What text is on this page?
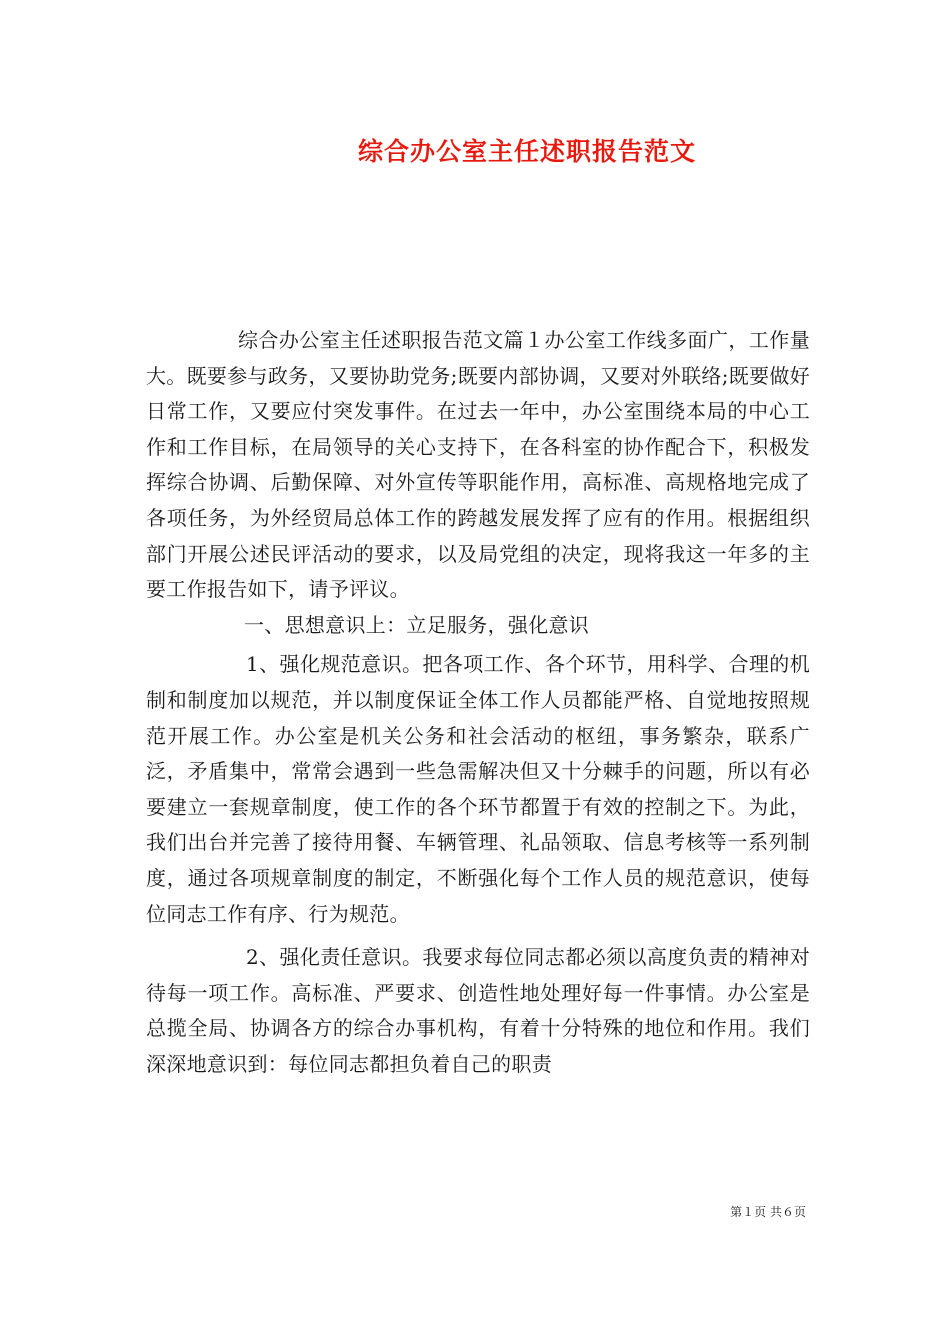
综合办公室主任述职报告范文

综合办公室主任述职报告范文篇１办公室工作线多面广，工作量大。既要参与政务，又要协助党务;既要内部协调，又要对外联络;既要做好日常工作，又要应付突发事件。在过去一年中，办公室围绕本局的中心工作和工作目标，在局领导的关心支持下，在各科室的协作配合下，积极发挥综合协调、后勤保障、对外宣传等职能作用，高标准、高规格地完成了各项任务，为外经贸局总体工作的跨越发展发挥了应有的作用。根据组织部门开展公述民评活动的要求，以及局党组的决定，现将我这一年多的主要工作报告如下，请予评议。

一、思想意识上：立足服务，强化意识

1、强化规范意识。把各项工作、各个环节，用科学、合理的机制和制度加以规范，并以制度保证全体工作人员都能严格、自觉地按照规范开展工作。办公室是机关公务和社会活动的枢纽，事务繁杂，联系广泛，矛盾集中，常常会遇到一些急需解决但又十分棘手的问题，所以有必要建立一套规章制度，使工作的各个环节都置于有效的控制之下。为此，我们出台并完善了接待用餐、车辆管理、礼品领取、信息考核等一系列制度，通过各项规章制度的制定，不断强化每个工作人员的规范意识，使每位同志工作有序、行为规范。

2、强化责任意识。我要求每位同志都必须以高度负责的精神对待每一项工作。高标准、严要求、创造性地处理好每一件事情。办公室是总揽全局、协调各方的综合办事机构，有着十分特殊的地位和作用。我们深深地意识到：每位同志都担负着自己的职责

第１页 共６页
